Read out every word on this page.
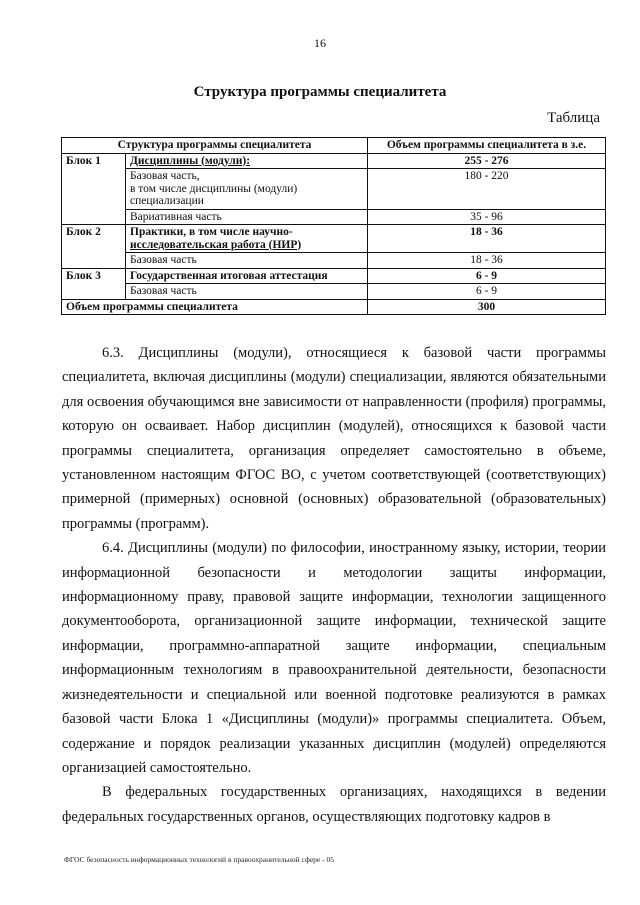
16
Структура программы специалитета
Таблица
Структура программы специалитета		Объем программы специалитета в з.е.
Блок 1	Дисциплины (модули):	255 - 276
	Базовая часть,
в том числе дисциплины (модули)
специализации	180 - 220
	Вариативная часть	35 - 96
Блок 2	Практики, в том числе научно-
исследовательская работа (НИР)	18 - 36
	Базовая часть	18 - 36
Блок 3	Государственная итоговая аттестация	6 - 9
	Базовая часть	6 - 9
Объем программы специалитета		300

6.3. Дисциплины (модули), относящиеся к базовой части программы специалитета, включая дисциплины (модули) специализации, являются обязательными для освоения обучающимся вне зависимости от направленности (профиля) программы, которую он осваивает. Набор дисциплин (модулей), относящихся к базовой части программы специалитета, организация определяет самостоятельно в объеме, установленном настоящим ФГОС ВО, с учетом соответствующей (соответствующих) примерной (примерных) основной (основных) образовательной (образовательных) программы (программ).

6.4. Дисциплины (модули) по философии, иностранному языку, истории, теории информационной безопасности и методологии защиты информации, информационному праву, правовой защите информации, технологии защищенного документооборота, организационной защите информации, технической защите информации, программно-аппаратной защите информации, специальным информационным технологиям в правоохранительной деятельности, безопасности жизнедеятельности и специальной или военной подготовке реализуются в рамках базовой части Блока 1 «Дисциплины (модули)» программы специалитета. Объем, содержание и порядок реализации указанных дисциплин (модулей) определяются организацией самостоятельно.

В федеральных государственных организациях, находящихся в ведении федеральных государственных органов, осуществляющих подготовку кадров в

ФГОС безопасность информационных технологий в правоохранительной сфере - 05
